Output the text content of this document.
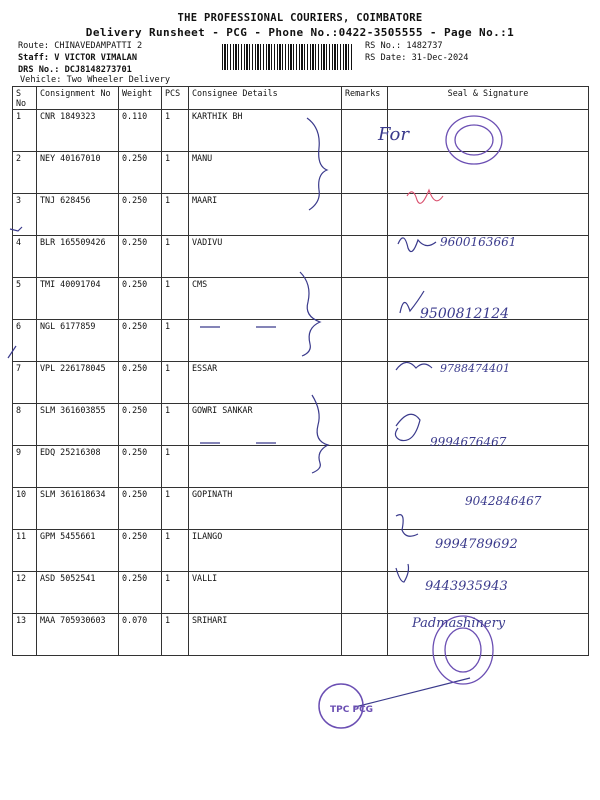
THE PROFESSIONAL COURIERS, COIMBATORE
Delivery Runsheet - PCG - Phone No.:0422-3505555 - Page No.:1
Route: CHINAVEDAMPATTI 2
Staff: V VICTOR VIMALAN
DRS No.: DCJ8148273701
Vehicle: Two Wheeler Delivery
RS No.: 1482737
RS Date: 31-Dec-2024
S No	Consignment No	Weight	PCS	Consignee Details	Remarks	Seal & Signature
1	CNR 1849323	0.110	1	KARTHIK BH		
2	NEY 40167010	0.250	1	MANU		
3	TNJ 628456	0.250	1	MAARI		
4	BLR 165509426	0.250	1	VADIVU		
5	TMI 40091704	0.250	1	CMS		
6	NGL 6177859	0.250	1			
7	VPL 226178045	0.250	1	ESSAR		
8	SLM 361603855	0.250	1	GOWRI SANKAR		
9	EDQ 25216308	0.250	1			
10	SLM 361618634	0.250	1	GOPINATH		
11	GPM 5455661	0.250	1	ILANGO		
12	ASD 5052541	0.250	1	VALLI		
13	MAA 705930603	0.070	1	SRIHARI		
For
9600163661
9500812124
9788474401
9994676467
9042846467
9994789692
9443935943
Padmashinery
TPC PCG
